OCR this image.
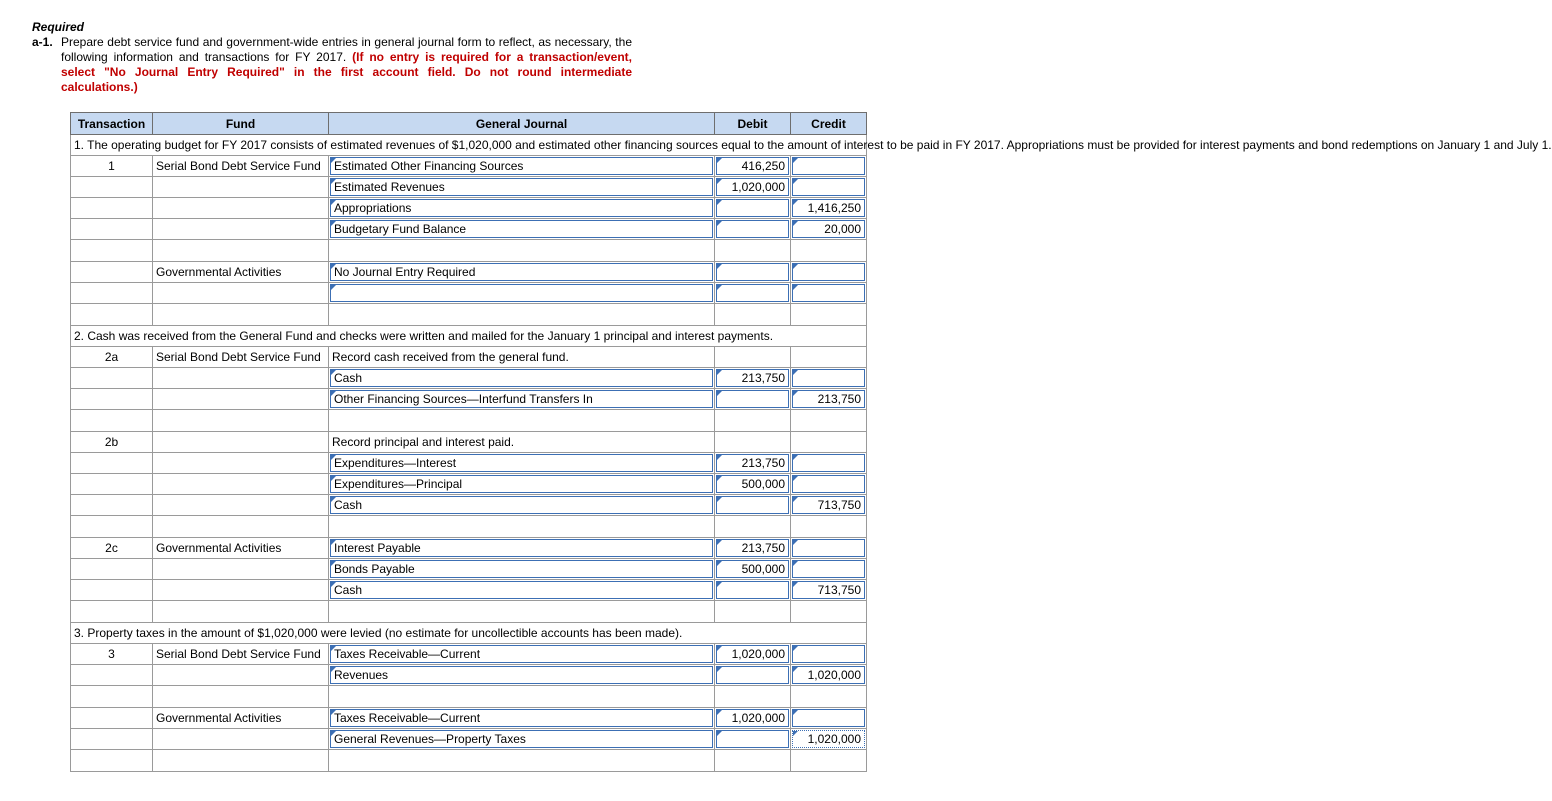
Required
a-1. Prepare debt service fund and government-wide entries in general journal form to reflect, as necessary, the following information and transactions for FY 2017. (If no entry is required for a transaction/event, select "No Journal Entry Required" in the first account field. Do not round intermediate calculations.)
Transaction	Fund	General Journal	Debit	Credit
1. The operating budget for FY 2017 consists of estimated revenues of $1,020,000 and estimated other financing sources equal to the amount of interest to be paid in FY 2017. Appropriations must be provided for interest payments and bond redemptions on January 1 and July 1.				
1	Serial Bond Debt Service Fund	Estimated Other Financing Sources	416,250	

		Estimated Revenues	1,020,000	

		Appropriations		1,416,250

		Budgetary Fund Balance		20,000

	Governmental Activities	No Journal Entry Required		

2. Cash was received from the General Fund and checks were written and mailed for the January 1 principal and interest payments.				
2a	Serial Bond Debt Service Fund	Record cash received from the general fund.		

		Cash	213,750	

		Other Financing Sources—Interfund Transfers In		213,750

2b		Record principal and interest paid.		

		Expenditures—Interest	213,750	

		Expenditures—Principal	500,000	

		Cash		713,750

2c	Governmental Activities	Interest Payable	213,750	

		Bonds Payable	500,000	

		Cash		713,750

3. Property taxes in the amount of $1,020,000 were levied (no estimate for uncollectible accounts has been made).				
3	Serial Bond Debt Service Fund	Taxes Receivable—Current	1,020,000	

		Revenues		1,020,000

	Governmental Activities	Taxes Receivable—Current	1,020,000	

		General Revenues—Property Taxes		1,020,000
